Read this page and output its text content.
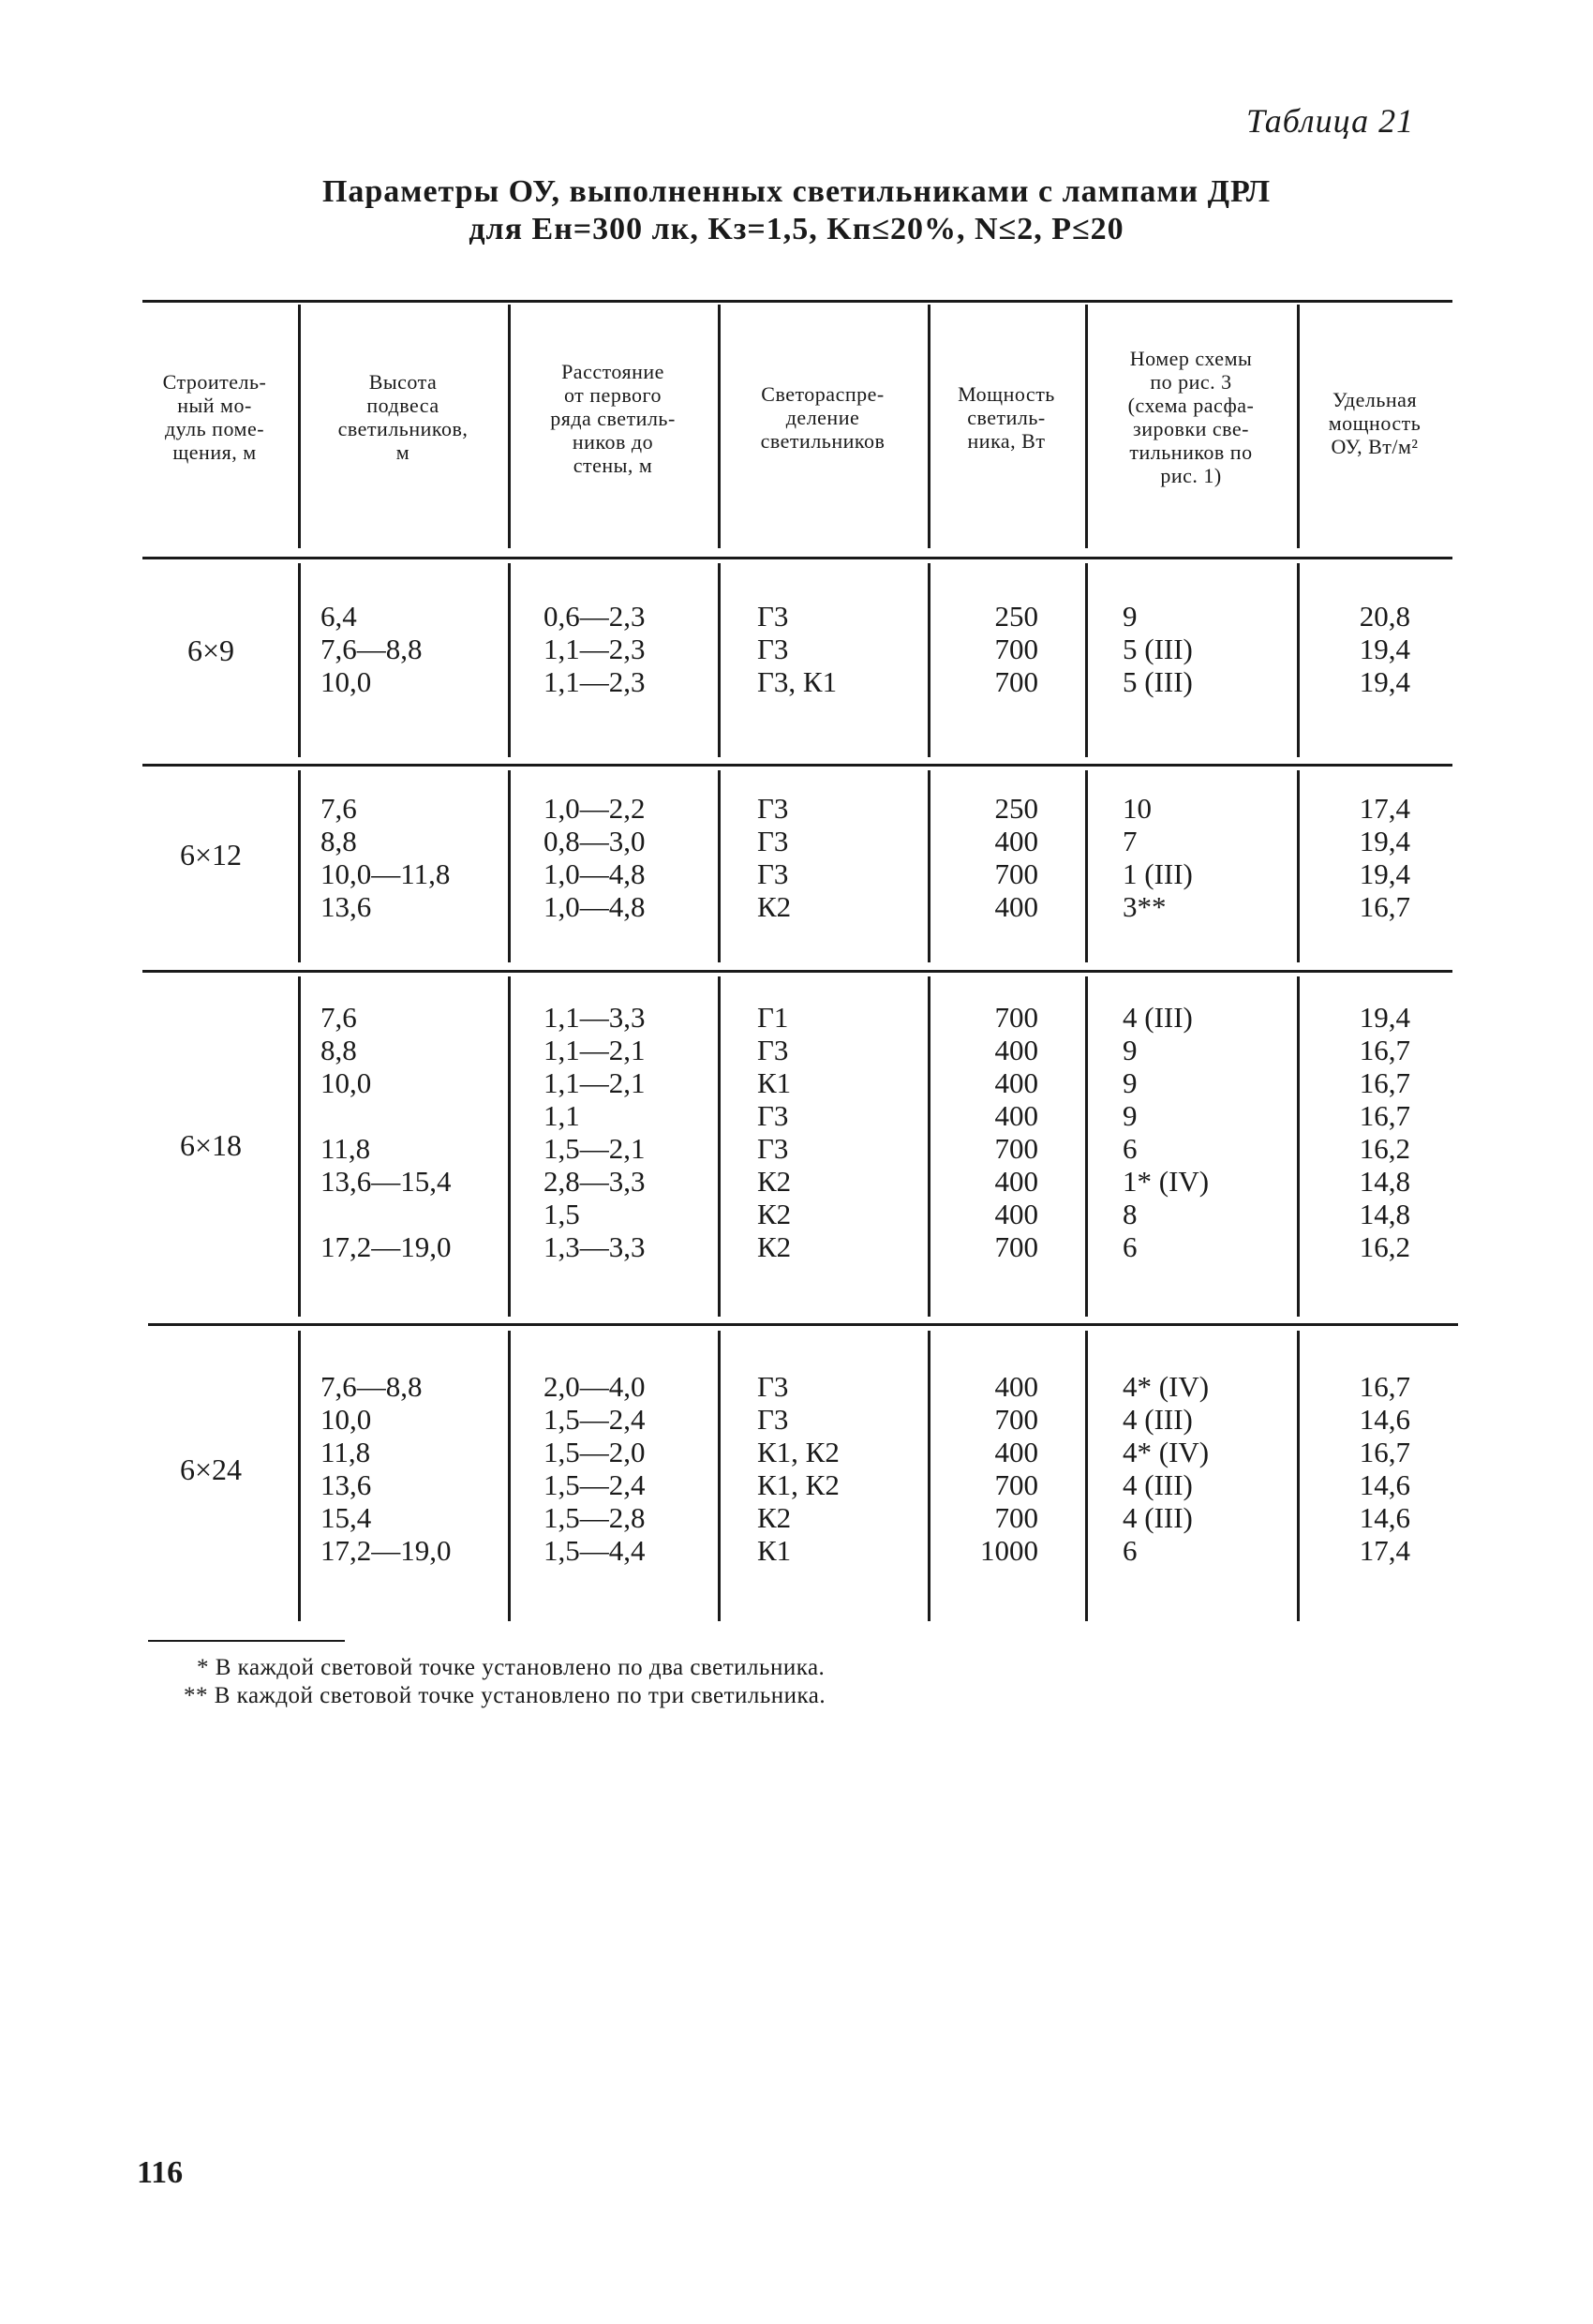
Таблица 21
Параметры ОУ, выполненных светильниками с лампами ДРЛ
для Eн=300 лк, Kз=1,5, Kп≤20%, N≤2, P≤20
Строитель-
ный мо-
дуль поме-
щения, м
Высота
подвеса
светильников,
м
Расстояние
от первого
ряда светиль-
ников до
стены, м
Светораспре-
деление
светильников
Мощность
светиль-
ника, Вт
Номер схемы
по рис. 3
(схема расфа-
зировки све-
тильников по
рис. 1)
Удельная
мощность
ОУ, Вт/м²
6×9
6,4
7,6—8,8
10,0
0,6—2,3
1,1—2,3
1,1—2,3
Г3
Г3
Г3, К1
250
700
700
9
5 (III)
5 (III)
20,8
19,4
19,4
6×12
7,6
8,8
10,0—11,8
13,6
1,0—2,2
0,8—3,0
1,0—4,8
1,0—4,8
Г3
Г3
Г3
К2
250
400
700
400
10
7
1 (III)
3**
17,4
19,4
19,4
16,7
6×18
7,6
8,8
10,0
11,8
13,6—15,4
17,2—19,0
1,1—3,3
1,1—2,1
1,1—2,1
1,1
1,5—2,1
2,8—3,3
1,5
1,3—3,3
Г1
Г3
К1
Г3
Г3
К2
К2
К2
700
400
400
400
700
400
400
700
4 (III)
9
9
9
6
1* (IV)
8
6
19,4
16,7
16,7
16,7
16,2
14,8
14,8
16,2
6×24
7,6—8,8
10,0
11,8
13,6
15,4
17,2—19,0
2,0—4,0
1,5—2,4
1,5—2,0
1,5—2,4
1,5—2,8
1,5—4,4
Г3
Г3
К1, К2
К1, К2
К2
К1
400
700
400
700
700
1000
4* (IV)
4 (III)
4* (IV)
4 (III)
4 (III)
6
16,7
14,6
16,7
14,6
14,6
17,4
* В каждой световой точке установлено по два светильника.
** В каждой световой точке установлено по три светильника.
116
